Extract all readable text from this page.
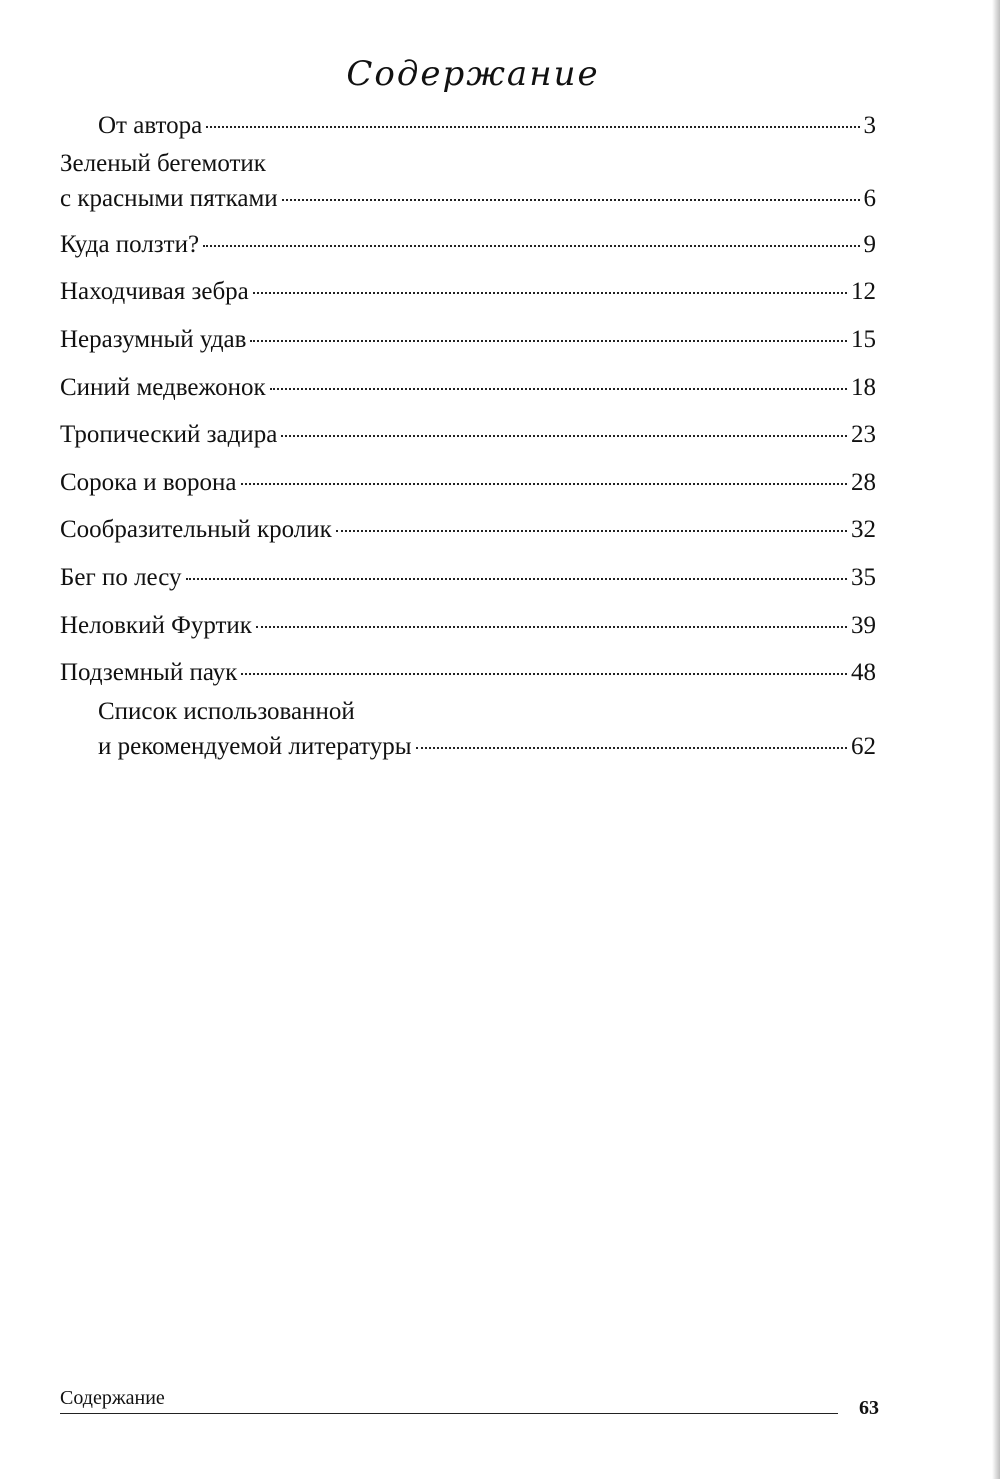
Содержание
От автора	3
Зеленый бегемотик
с красными пятками	6
Куда ползти?	9
Находчивая зебра	12
Неразумный удав	15
Синий медвежонок	18
Тропический задира	23
Сорока и ворона	28
Сообразительный кролик	32
Бег по лесу	35
Неловкий Фуртик	39
Подземный паук	48
Список использованной
и рекомендуемой литературы	62
Содержание	63
